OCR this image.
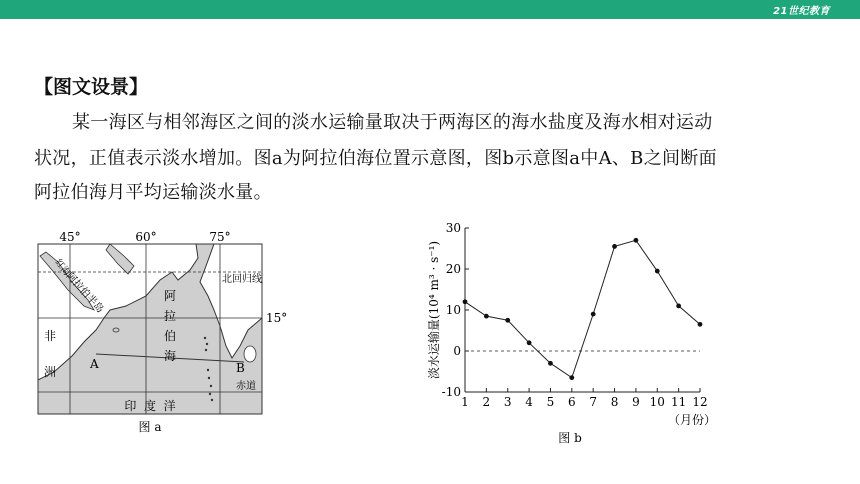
21世纪教育
【图文设景】
某一海区与相邻海区之间的淡水运输量取决于两海区的海水盐度及海水相对运动
状况，正值表示淡水增加。图a为阿拉伯海位置示意图，图b示意图a中A、B之间断面
阿拉伯海月平均运输淡水量。
45°	60°	75°
15°
北回归线
赤道
A	B
非
洲
阿拉伯半岛
红海
阿
拉
伯
海
印  度  洋
图 a
-10
0
10
20
30
1 2 3 4 5 6 7 8 9 10 11 12
淡水运输量(10⁴ m³ · s⁻¹)
（月份）
图 b
